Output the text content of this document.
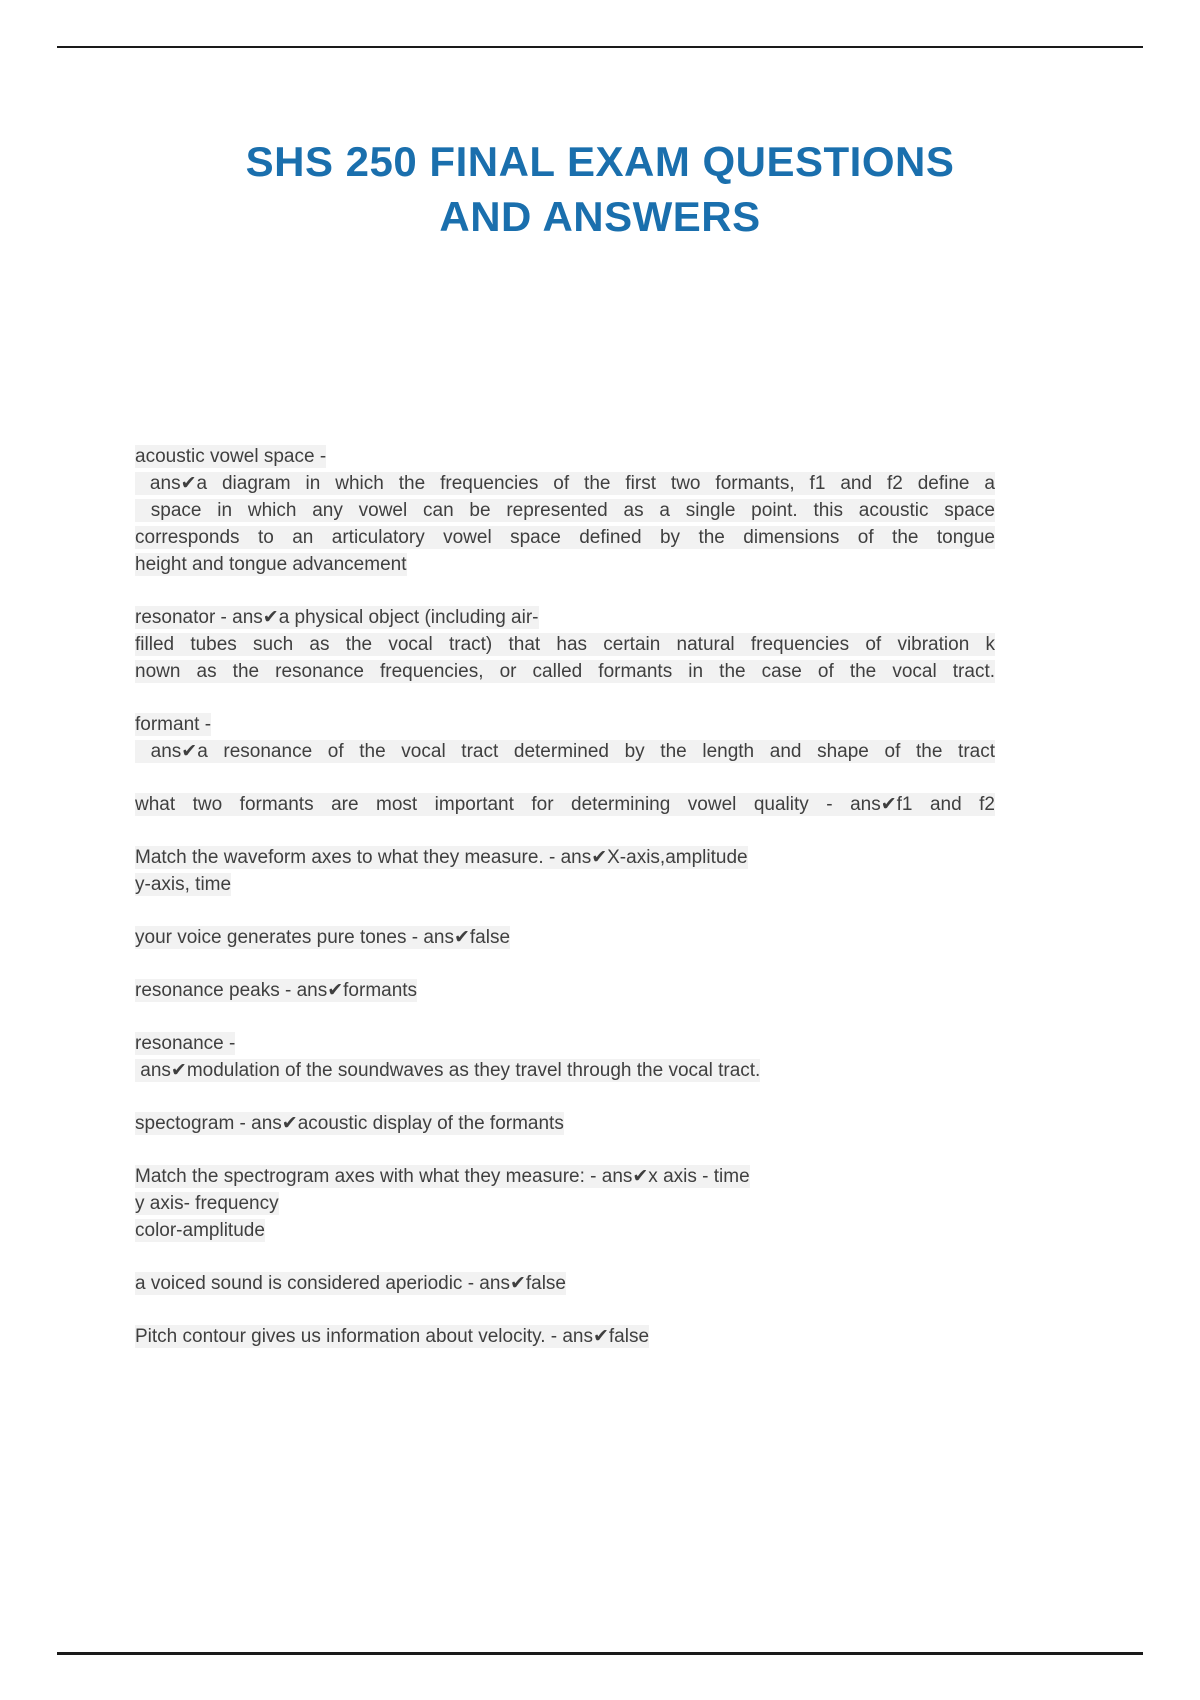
SHS 250 FINAL EXAM QUESTIONS
AND ANSWERS
acoustic vowel space -
ans✔a diagram in which the frequencies of the first two formants, f1 and f2 define a
space in which any vowel can be represented as a single point. this acoustic space
corresponds to an articulatory vowel space defined by the dimensions of the tongue
height and tongue advancement
resonator - ans✔a physical object (including air-
filled tubes such as the vocal tract) that has certain natural frequencies of vibration k
nown as the resonance frequencies, or called formants in the case of the vocal tract.
formant -
ans✔a resonance of the vocal tract determined by the length and shape of the tract
what two formants are most important for determining vowel quality - ans✔f1 and f2
Match the waveform axes to what they measure. - ans✔X-axis,amplitude
y-axis, time
your voice generates pure tones - ans✔false
resonance peaks - ans✔formants
resonance -
ans✔modulation of the soundwaves as they travel through the vocal tract.
spectogram - ans✔acoustic display of the formants
Match the spectrogram axes with what they measure: - ans✔x axis - time
y axis- frequency
color-amplitude
a voiced sound is considered aperiodic - ans✔false
Pitch contour gives us information about velocity. - ans✔false
